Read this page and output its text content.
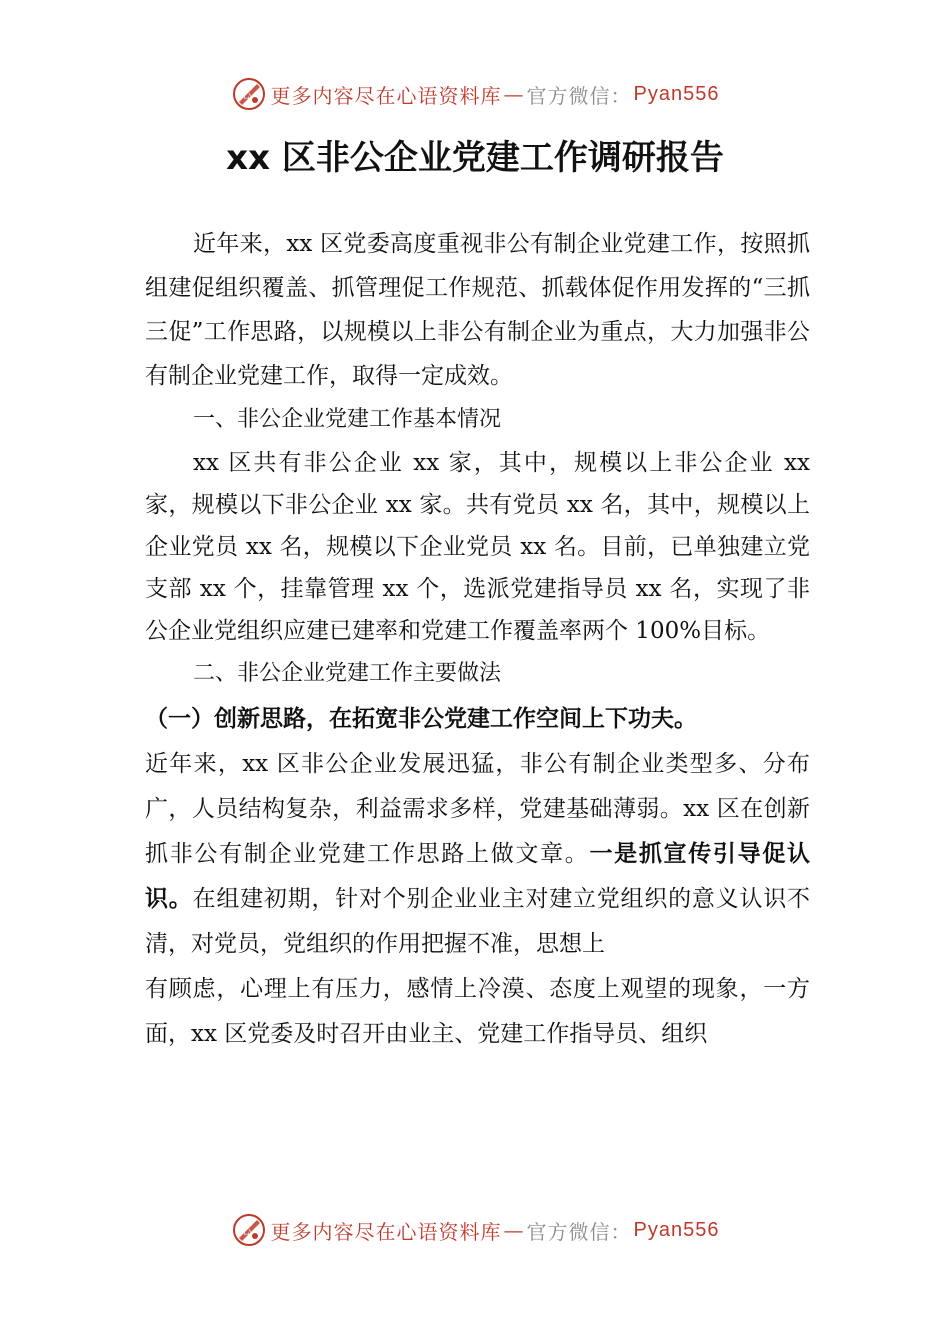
心 更多内容尽在心语资料库 — 官方微信： Pyan556
xx 区非公企业党建工作调研报告

近年来，xx 区党委高度重视非公有制企业党建工作，按照抓组建促组织覆盖、抓管理促工作规范、抓载体促作用发挥的“三抓三促”工作思路，以规模以上非公有制企业为重点，大力加强非公有制企业党建工作，取得一定成效。

一、非公企业党建工作基本情况

xx 区共有非公企业 xx 家，其中，规模以上非公企业 xx 家，规模以下非公企业 xx 家。共有党员 xx 名，其中，规模以上企业党员 xx 名，规模以下企业党员 xx 名。目前，已单独建立党支部 xx 个，挂靠管理 xx 个，选派党建指导员 xx 名，实现了非公企业党组织应建已建率和党建工作覆盖率两个 100%目标。

二、非公企业党建工作主要做法

（一）创新思路，在拓宽非公党建工作空间上下功夫。

近年来，xx 区非公企业发展迅猛，非公有制企业类型多、分布广，人员结构复杂，利益需求多样，党建基础薄弱。xx 区在创新抓非公有制企业党建工作思路上做文章。一是抓宣传引导促认识。在组建初期，针对个别企业业主对建立党组织的意义认识不清，对党员，党组织的作用把握不准，思想上

有顾虑，心理上有压力，感情上冷漠、态度上观望的现象，一方面，xx 区党委及时召开由业主、党建工作指导员、组织

心 更多内容尽在心语资料库 — 官方微信： Pyan556
